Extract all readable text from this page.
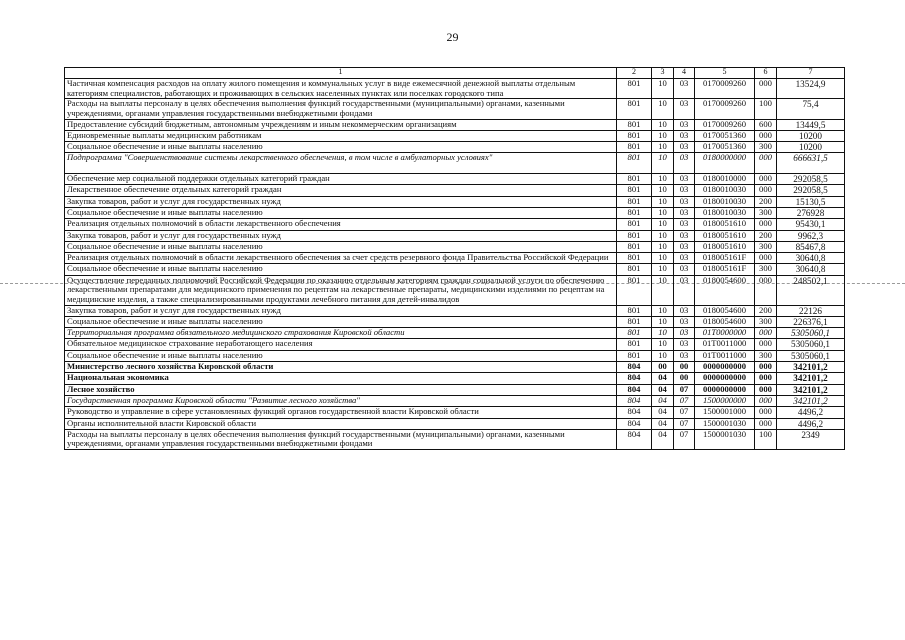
29
1	2	3	4	5	6	7
Частичная компенсация расходов на оплату жилого помещения и коммунальных услуг в виде ежемесячной денежной выплаты отдельным категориям специалистов, работающих и проживающих в сельских населенных пунктах или поселках городского типа	801	10	03	0170009260	000	13524,9
Расходы на выплаты персоналу в целях обеспечения выполнения функций государственными (муниципальными) органами, казенными учреждениями, органами управления государственными внебюджетными фондами	801	10	03	0170009260	100	75,4
Предоставление субсидий бюджетным, автономным учреждениям и иным некоммерческим организациям	801	10	03	0170009260	600	13449,5
Единовременные выплаты медицинским работникам	801	10	03	0170051360	000	10200
Социальное обеспечение и иные выплаты населению	801	10	03	0170051360	300	10200
Подпрограмма "Совершенствование системы лекарственного обеспечения, в том числе в амбулаторных условиях"	801	10	03	0180000000	000	666631,5
Обеспечение мер социальной поддержки отдельных категорий граждан	801	10	03	0180010000	000	292058,5
Лекарственное обеспечение отдельных категорий граждан	801	10	03	0180010030	000	292058,5
Закупка товаров, работ и услуг для государственных нужд	801	10	03	0180010030	200	15130,5
Социальное обеспечение и иные выплаты населению	801	10	03	0180010030	300	276928
Реализация отдельных полномочий в области лекарственного обеспечения	801	10	03	0180051610	000	95430,1
Закупка товаров, работ и услуг для государственных нужд	801	10	03	0180051610	200	9962,3
Социальное обеспечение и иные выплаты населению	801	10	03	0180051610	300	85467,8
Реализация отдельных полномочий в области лекарственного обеспечения за счет средств резервного фонда Правительства Российской Федерации	801	10	03	018005161F	000	30640,8
Социальное обеспечение и иные выплаты населению	801	10	03	018005161F	300	30640,8
Осуществление переданных полномочий Российской Федерации по оказанию отдельным категориям граждан социальной услуги по обеспечению лекарственными препаратами для медицинского применения по рецептам на лекарственные препараты, медицинскими изделиями по рецептам на медицинские изделия, а также специализированными продуктами лечебного питания для детей-инвалидов	801	10	03	0180054600	000	248502,1
Закупка товаров, работ и услуг для государственных нужд	801	10	03	0180054600	200	22126
Социальное обеспечение и иные выплаты населению	801	10	03	0180054600	300	226376,1
Территориальная программа обязательного медицинского страхования Кировской области	801	10	03	01Т0000000	000	5305060,1
Обязательное медицинское страхование неработающего населения	801	10	03	01Т0011000	000	5305060,1
Социальное обеспечение и иные выплаты населению	801	10	03	01Т0011000	300	5305060,1
Министерство лесного хозяйства Кировской области	804	00	00	0000000000	000	342101,2
Национальная экономика	804	04	00	0000000000	000	342101,2
Лесное хозяйство	804	04	07	0000000000	000	342101,2
Государственная программа Кировской области "Развитие лесного хозяйства"	804	04	07	1500000000	000	342101,2
Руководство и управление в сфере установленных функций органов государственной власти Кировской области	804	04	07	1500001000	000	4496,2
Органы исполнительной власти Кировской области	804	04	07	1500001030	000	4496,2
Расходы на выплаты персоналу в целях обеспечения выполнения функций государственными (муниципальными) органами, казенными учреждениями, органами управления государственными внебюджетными фондами	804	04	07	1500001030	100	2349
